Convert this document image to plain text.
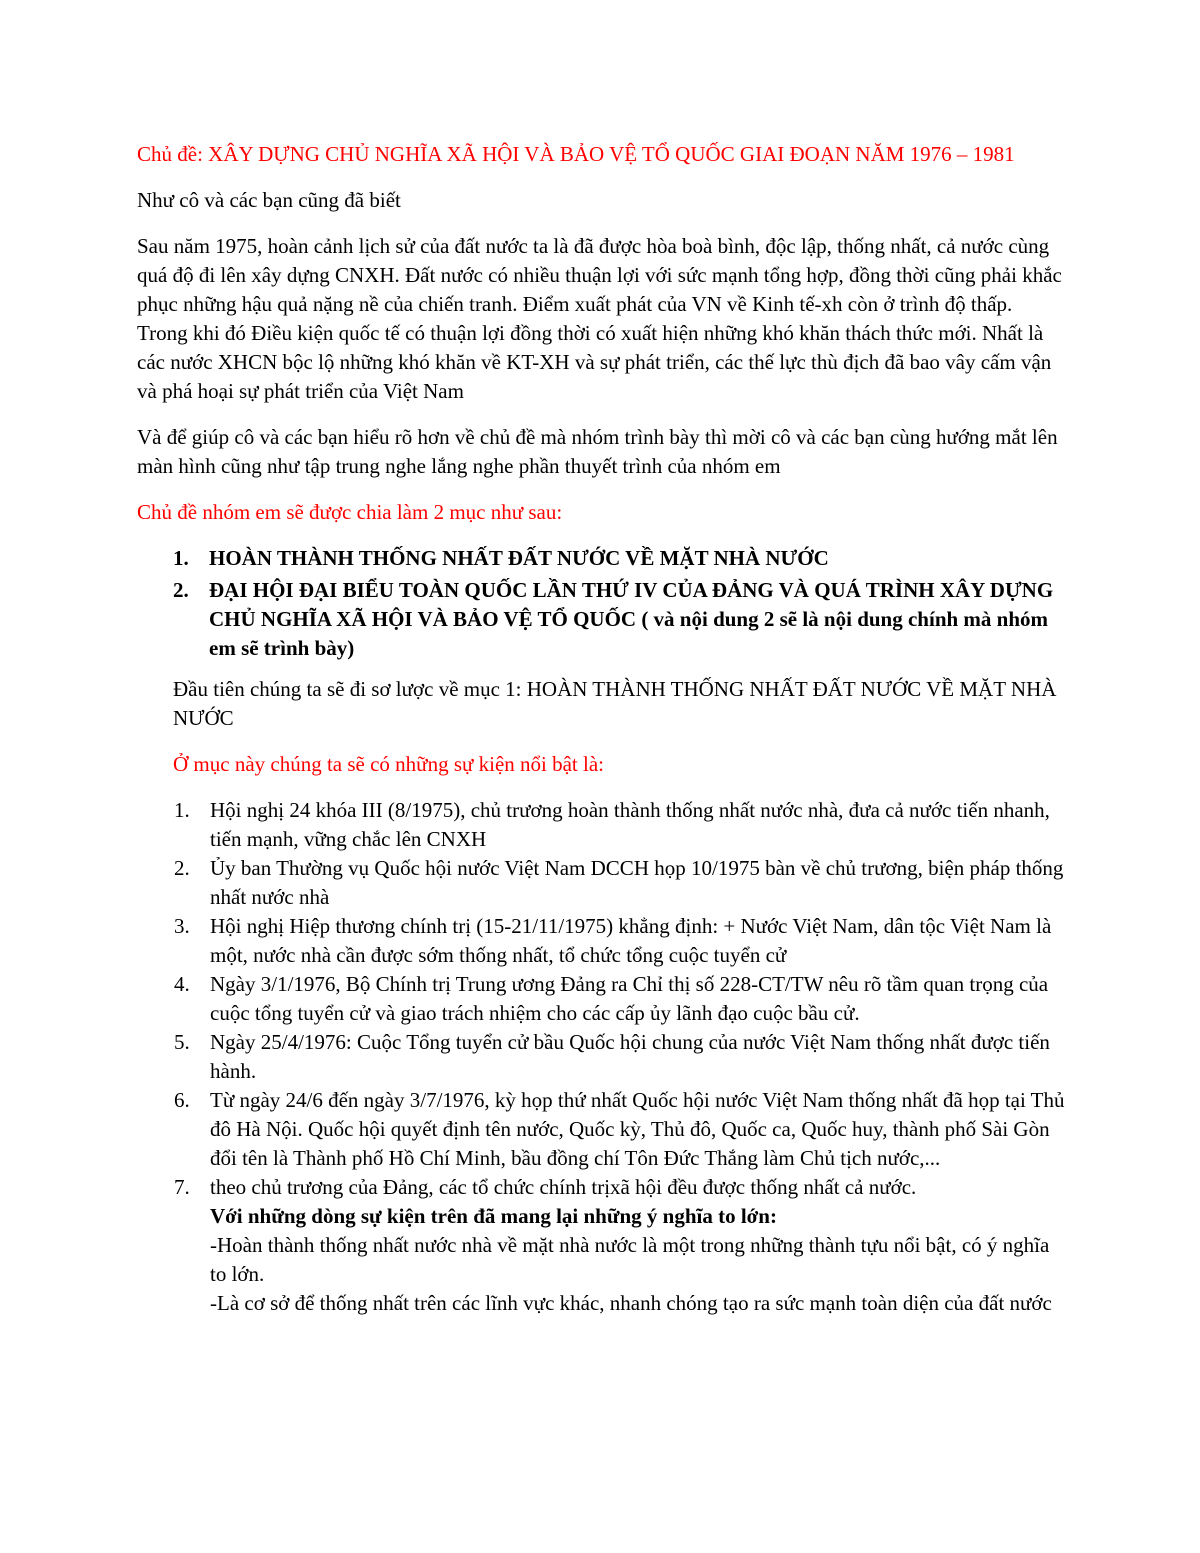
Chủ đề: XÂY DỰNG CHỦ NGHĨA XÃ HỘI VÀ BẢO VỆ TỔ QUỐC GIAI ĐOẠN NĂM 1976 – 1981

Như cô và các bạn cũng đã biết

Sau năm 1975, hoàn cảnh lịch sử của đất nước ta là đã được hòa boà bình, độc lập, thống nhất, cả nước cùng quá độ đi lên xây dựng CNXH. Đất nước có nhiều thuận lợi với sức mạnh tổng hợp, đồng thời cũng phải khắc phục những hậu quả nặng nề của chiến tranh. Điểm xuất phát của VN về Kinh tế-xh còn ở trình độ thấp. Trong khi đó Điều kiện quốc tế có thuận lợi đồng thời có xuất hiện những khó khăn thách thức mới. Nhất là các nước XHCN bộc lộ những khó khăn về KT-XH và sự phát triển, các thế lực thù địch đã bao vây cấm vận và phá hoại sự phát triển của Việt Nam

Và để giúp cô và các bạn hiểu rõ hơn về chủ đề mà nhóm trình bày thì mời cô và các bạn cùng hướng mắt lên màn hình cũng như tập trung nghe lắng nghe phần thuyết trình của nhóm em

Chủ đề nhóm em sẽ được chia làm 2 mục như sau:

1. HOÀN THÀNH THỐNG NHẤT ĐẤT NƯỚC VỀ MẶT NHÀ NƯỚC
2. ĐẠI HỘI ĐẠI BIỂU TOÀN QUỐC LẦN THỨ IV CỦA ĐẢNG VÀ QUÁ TRÌNH XÂY DỰNG CHỦ NGHĨA XÃ HỘI VÀ BẢO VỆ TỔ QUỐC ( và nội dung 2 sẽ là nội dung chính mà nhóm em sẽ trình bày)

Đầu tiên chúng ta sẽ đi sơ lược về mục 1: HOÀN THÀNH THỐNG NHẤT ĐẤT NƯỚC VỀ MẶT NHÀ NƯỚC

Ở mục này chúng ta sẽ có những sự kiện nổi bật là:

1. Hội nghị 24 khóa III (8/1975), chủ trương hoàn thành thống nhất nước nhà, đưa cả nước tiến nhanh, tiến mạnh, vững chắc lên CNXH
2. Ủy ban Thường vụ Quốc hội nước Việt Nam DCCH họp 10/1975 bàn về chủ trương, biện pháp thống nhất nước nhà
3. Hội nghị Hiệp thương chính trị (15-21/11/1975) khẳng định: + Nước Việt Nam, dân tộc Việt Nam là một, nước nhà cần được sớm thống nhất, tổ chức tổng cuộc tuyển cử
4. Ngày 3/1/1976, Bộ Chính trị Trung ương Đảng ra Chỉ thị số 228-CT/TW nêu rõ tầm quan trọng của cuộc tổng tuyển cử và giao trách nhiệm cho các cấp ủy lãnh đạo cuộc bầu cử.
5. Ngày 25/4/1976: Cuộc Tổng tuyển cử bầu Quốc hội chung của nước Việt Nam thống nhất được tiến hành.
6. Từ ngày 24/6 đến ngày 3/7/1976, kỳ họp thứ nhất Quốc hội nước Việt Nam thống nhất đã họp tại Thủ đô Hà Nội. Quốc hội quyết định tên nước, Quốc kỳ, Thủ đô, Quốc ca, Quốc huy, thành phố Sài Gòn đổi tên là Thành phố Hồ Chí Minh, bầu đồng chí Tôn Đức Thắng làm Chủ tịch nước,...
7. theo chủ trương của Đảng, các tổ chức chính trịxã hội đều được thống nhất cả nước.
Với những dòng sự kiện trên đã mang lại những ý nghĩa to lớn:
-Hoàn thành thống nhất nước nhà về mặt nhà nước là một trong những thành tựu nổi bật, có ý nghĩa to lớn.
-Là cơ sở để thống nhất trên các lĩnh vực khác, nhanh chóng tạo ra sức mạnh toàn diện của đất nước
